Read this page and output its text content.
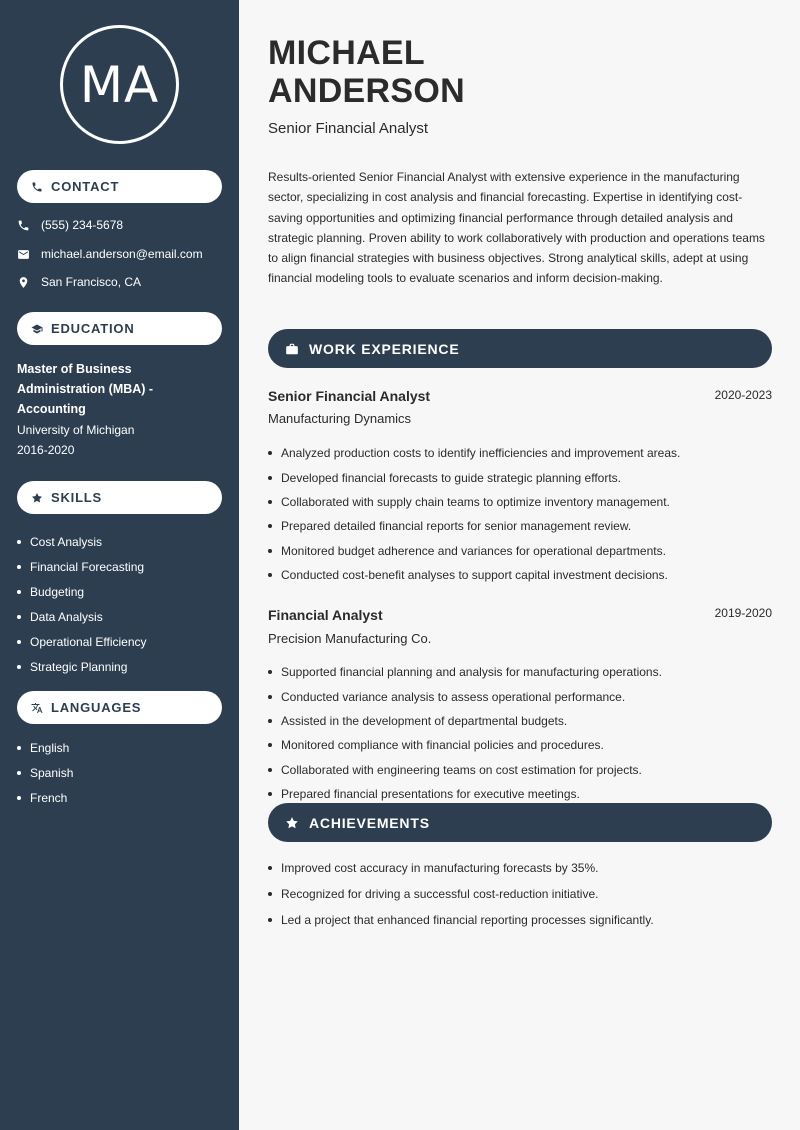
MA
CONTACT
(555) 234-5678
michael.anderson@email.com
San Francisco, CA
EDUCATION
Master of Business Administration (MBA) - Accounting
University of Michigan
2016-2020
SKILLS
Cost Analysis
Financial Forecasting
Budgeting
Data Analysis
Operational Efficiency
Strategic Planning
LANGUAGES
English
Spanish
French
MICHAEL
ANDERSON
Senior Financial Analyst

Results-oriented Senior Financial Analyst with extensive experience in the manufacturing sector, specializing in cost analysis and financial forecasting. Expertise in identifying cost-saving opportunities and optimizing financial performance through detailed analysis and strategic planning. Proven ability to work collaboratively with production and operations teams to align financial strategies with business objectives. Strong analytical skills, adept at using financial modeling tools to evaluate scenarios and inform decision-making.

WORK EXPERIENCE
Senior Financial Analyst	2020-2023
Manufacturing Dynamics
Analyzed production costs to identify inefficiencies and improvement areas.
Developed financial forecasts to guide strategic planning efforts.
Collaborated with supply chain teams to optimize inventory management.
Prepared detailed financial reports for senior management review.
Monitored budget adherence and variances for operational departments.
Conducted cost-benefit analyses to support capital investment decisions.
Financial Analyst	2019-2020
Precision Manufacturing Co.
Supported financial planning and analysis for manufacturing operations.
Conducted variance analysis to assess operational performance.
Assisted in the development of departmental budgets.
Monitored compliance with financial policies and procedures.
Collaborated with engineering teams on cost estimation for projects.
Prepared financial presentations for executive meetings.
ACHIEVEMENTS
Improved cost accuracy in manufacturing forecasts by 35%.
Recognized for driving a successful cost-reduction initiative.
Led a project that enhanced financial reporting processes significantly.
